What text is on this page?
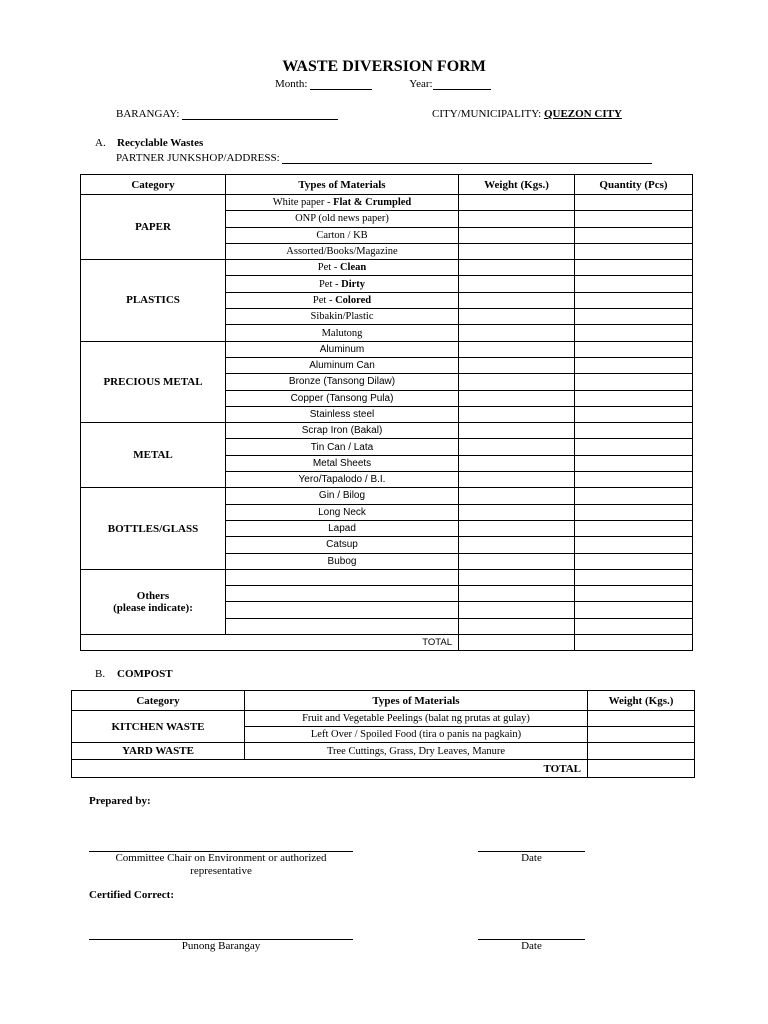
WASTE DIVERSION FORM
Month:	Year:
BARANGAY:	CITY/MUNICIPALITY: QUEZON CITY
A. Recyclable Wastes
PARTNER JUNKSHOP/ADDRESS:
Category	Types of Materials	Weight (Kgs.)	Quantity (Pcs)
PAPER	White paper - Flat & Crumpled		
	ONP (old news paper)		
	Carton / KB		
	Assorted/Books/Magazine		
PLASTICS	Pet - Clean		
	Pet - Dirty		
	Pet - Colored		
	Sibakin/Plastic		
	Malutong		
PRECIOUS METAL	Aluminum		
	Aluminum Can		
	Bronze (Tansong Dilaw)		
	Copper (Tansong Pula)		
	Stainless steel		
METAL	Scrap Iron (Bakal)		
	Tin Can / Lata		
	Metal Sheets		
	Yero/Tapalodo / B.I.		
BOTTLES/GLASS	Gin / Bilog		
	Long Neck		
	Lapad		
	Catsup		
	Bubog		
Others
(please indicate):			

TOTAL			
B. COMPOST
Category	Types of Materials	Weight (Kgs.)
KITCHEN WASTE	Fruit and Vegetable Peelings (balat ng prutas at gulay)	
	Left Over / Spoiled Food (tira o panis na pagkain)	
YARD WASTE	Tree Cuttings, Grass, Dry Leaves, Manure	
TOTAL		
Prepared by:
Committee Chair on Environment or authorized
representative
Date
Certified Correct:
Punong Barangay	Date
